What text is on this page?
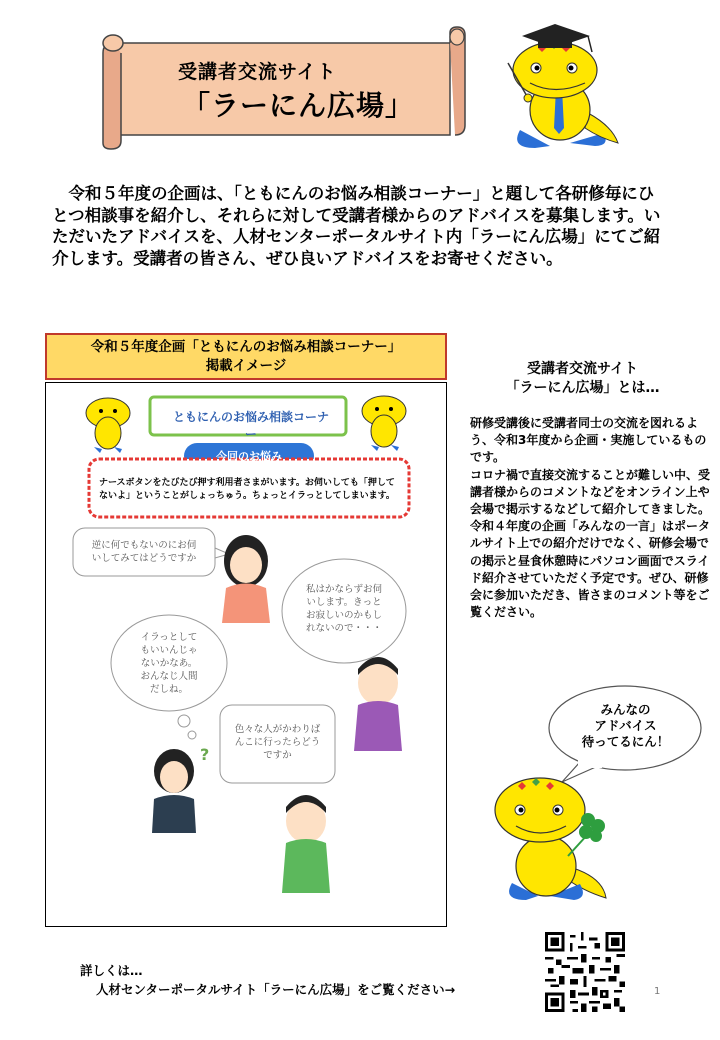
受講者交流サイト
「ラーにん広場」
　令和５年度の企画は、「ともにんのお悩み相談コーナー」と題して各研修毎にひとつ相談事を紹介し、それらに対して受講者様からのアドバイスを募集します。いただいたアドバイスを、人材センターポータルサイト内「ラーにん広場」にてご紹介します。受講者の皆さん、ぜひ良いアドバイスをお寄せください。
令和５年度企画「ともにんのお悩み相談コーナー」
掲載イメージ
ともにんのお悩み相談コーナー
今回のお悩み
ナースボタンをたびたび押す利用者さまがいます。お伺いしても「押してないよ」ということがしょっちゅう。ちょっとイラっとしてしまいます。
逆に何でもないのにお伺
いしてみてはどうですか
私はかならずお伺
いします。きっと
お寂しいのかもし
れないので・・・
イラっとして
もいいんじゃ
ないかなあ。
おんなじ人間
だしね。
色々な人がかわりば
んこに行ったらどう
ですか
?
受講者交流サイト
「ラーにん広場」とは…
研修受講後に受講者同士の交流を図れるよう、令和3年度から企画・実施しているものです。
コロナ禍で直接交流することが難しい中、受講者様からのコメントなどをオンライン上や会場で掲示するなどして紹介してきました。
令和４年度の企画「みんなの一言」はポータルサイト上での紹介だけでなく、研修会場での掲示と昼食休憩時にパソコン画面でスライド紹介させていただく予定です。ぜひ、研修会に参加いただき、皆さまのコメント等をご覧ください。
みんなの
アドバイス
待ってるにん！
詳しくは…
人材センターポータルサイト「ラーにん広場」をご覧ください→	1
